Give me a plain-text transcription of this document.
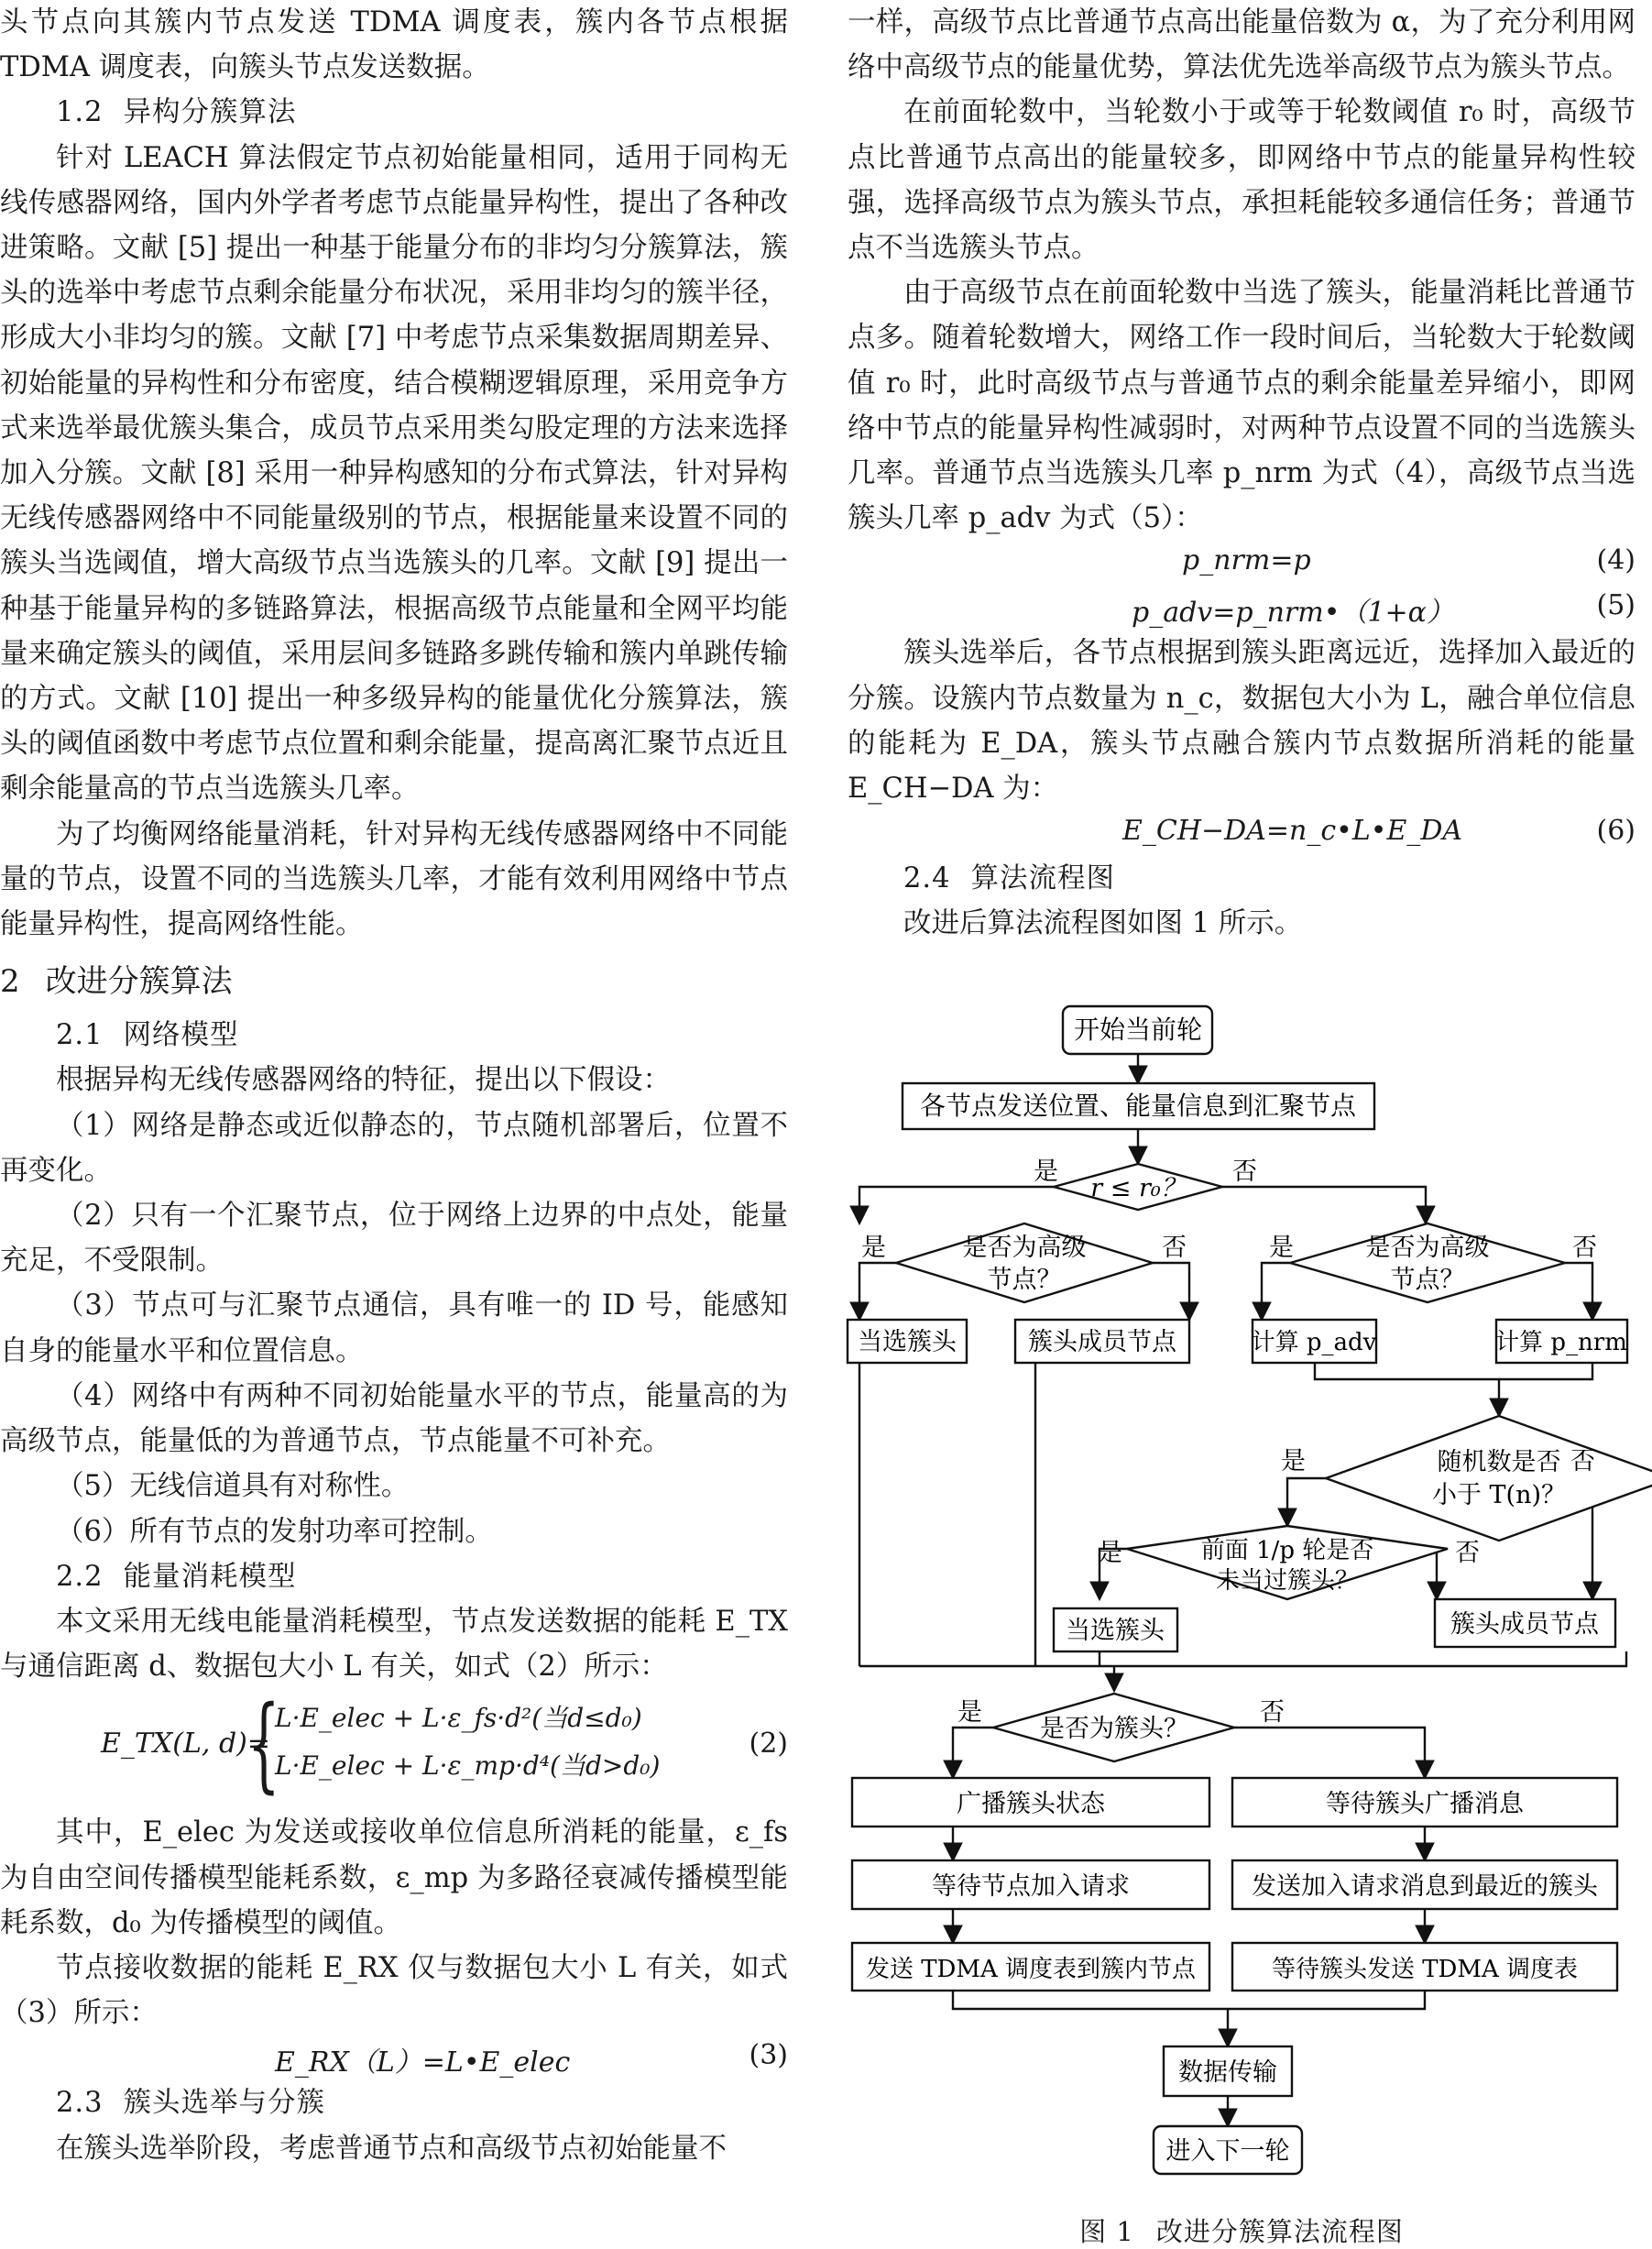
头节点向其簇内节点发送 TDMA 调度表，簇内各节点根据 TDMA 调度表，向簇头节点发送数据。

1.2 异构分簇算法

针对 LEACH 算法假定节点初始能量相同，适用于同构无线传感器网络，国内外学者考虑节点能量异构性，提出了各种改进策略。文献 [5] 提出一种基于能量分布的非均匀分簇算法，簇头的选举中考虑节点剩余能量分布状况，采用非均匀的簇半径，形成大小非均匀的簇。文献 [7] 中考虑节点采集数据周期差异、初始能量的异构性和分布密度，结合模糊逻辑原理，采用竞争方式来选举最优簇头集合，成员节点采用类勾股定理的方法来选择加入分簇。文献 [8] 采用一种异构感知的分布式算法，针对异构无线传感器网络中不同能量级别的节点，根据能量来设置不同的簇头当选阈值，增大高级节点当选簇头的几率。文献 [9] 提出一种基于能量异构的多链路算法，根据高级节点能量和全网平均能量来确定簇头的阈值，采用层间多链路多跳传输和簇内单跳传输的方式。文献 [10] 提出一种多级异构的能量优化分簇算法，簇头的阈值函数中考虑节点位置和剩余能量，提高离汇聚节点近且剩余能量高的节点当选簇头几率。

为了均衡网络能量消耗，针对异构无线传感器网络中不同能量的节点，设置不同的当选簇头几率，才能有效利用网络中节点能量异构性，提高网络性能。

2 改进分簇算法
2.1 网络模型

根据异构无线传感器网络的特征，提出以下假设：

（1）网络是静态或近似静态的，节点随机部署后，位置不再变化。

（2）只有一个汇聚节点，位于网络上边界的中点处，能量充足，不受限制。

（3）节点可与汇聚节点通信，具有唯一的 ID 号，能感知自身的能量水平和位置信息。

（4）网络中有两种不同初始能量水平的节点，能量高的为高级节点，能量低的为普通节点，节点能量不可补充。

（5）无线信道具有对称性。

（6）所有节点的发射功率可控制。

2.2 能量消耗模型

本文采用无线电能量消耗模型，节点发送数据的能耗 E_TX 与通信距离 d、数据包大小 L 有关，如式（2）所示：

E_TX(L, d)=
{
L·E_elec + L·ε_fs·d²(当d≤d₀)
L·E_elec + L·ε_mp·d⁴(当d>d₀)
(2)

其中，E_elec 为发送或接收单位信息所消耗的能量，ε_fs 为自由空间传播模型能耗系数，ε_mp 为多路径衰减传播模型能耗系数，d₀ 为传播模型的阈值。

节点接收数据的能耗 E_RX 仅与数据包大小 L 有关，如式（3）所示：

E_RX（L）=L•E_elec	(3)
2.3 簇头选举与分簇

在簇头选举阶段，考虑普通节点和高级节点初始能量不

一样，高级节点比普通节点高出能量倍数为 α，为了充分利用网络中高级节点的能量优势，算法优先选举高级节点为簇头节点。

在前面轮数中，当轮数小于或等于轮数阈值 r₀ 时，高级节点比普通节点高出的能量较多，即网络中节点的能量异构性较强，选择高级节点为簇头节点，承担耗能较多通信任务；普通节点不当选簇头节点。

由于高级节点在前面轮数中当选了簇头，能量消耗比普通节点多。随着轮数增大，网络工作一段时间后，当轮数大于轮数阈值 r₀ 时，此时高级节点与普通节点的剩余能量差异缩小，即网络中节点的能量异构性减弱时，对两种节点设置不同的当选簇头几率。普通节点当选簇头几率 p_nrm 为式（4），高级节点当选簇头几率 p_adv 为式（5）：

p_nrm=p	(4)
p_adv=p_nrm•（1+α）	(5)

簇头选举后，各节点根据到簇头距离远近，选择加入最近的分簇。设簇内节点数量为 n_c，数据包大小为 L，融合单位信息的能耗为 E_DA，簇头节点融合簇内节点数据所消耗的能量 E_CH−DA 为：

E_CH−DA=n_c•L•E_DA	(6)
2.4 算法流程图

改进后算法流程图如图 1 所示。

开始当前轮
各节点发送位置、能量信息到汇聚节点
r ≤ r₀？
是否为高级
节点？
是否为高级
节点？
当选簇头	簇头成员节点	计算 p_adv	计算 p_nrm
随机数是否
小于 T(n)？
前面 1/p 轮是否
未当过簇头？
当选簇头	簇头成员节点
是否为簇头？
广播簇头状态	等待簇头广播消息
等待节点加入请求	发送加入请求消息到最近的簇头
发送 TDMA 调度表到簇内节点	等待簇头发送 TDMA 调度表
数据传输
进入下一轮
是	否
是	否	是	否
是	否
是	否
是	否
图 1 改进分簇算法流程图
